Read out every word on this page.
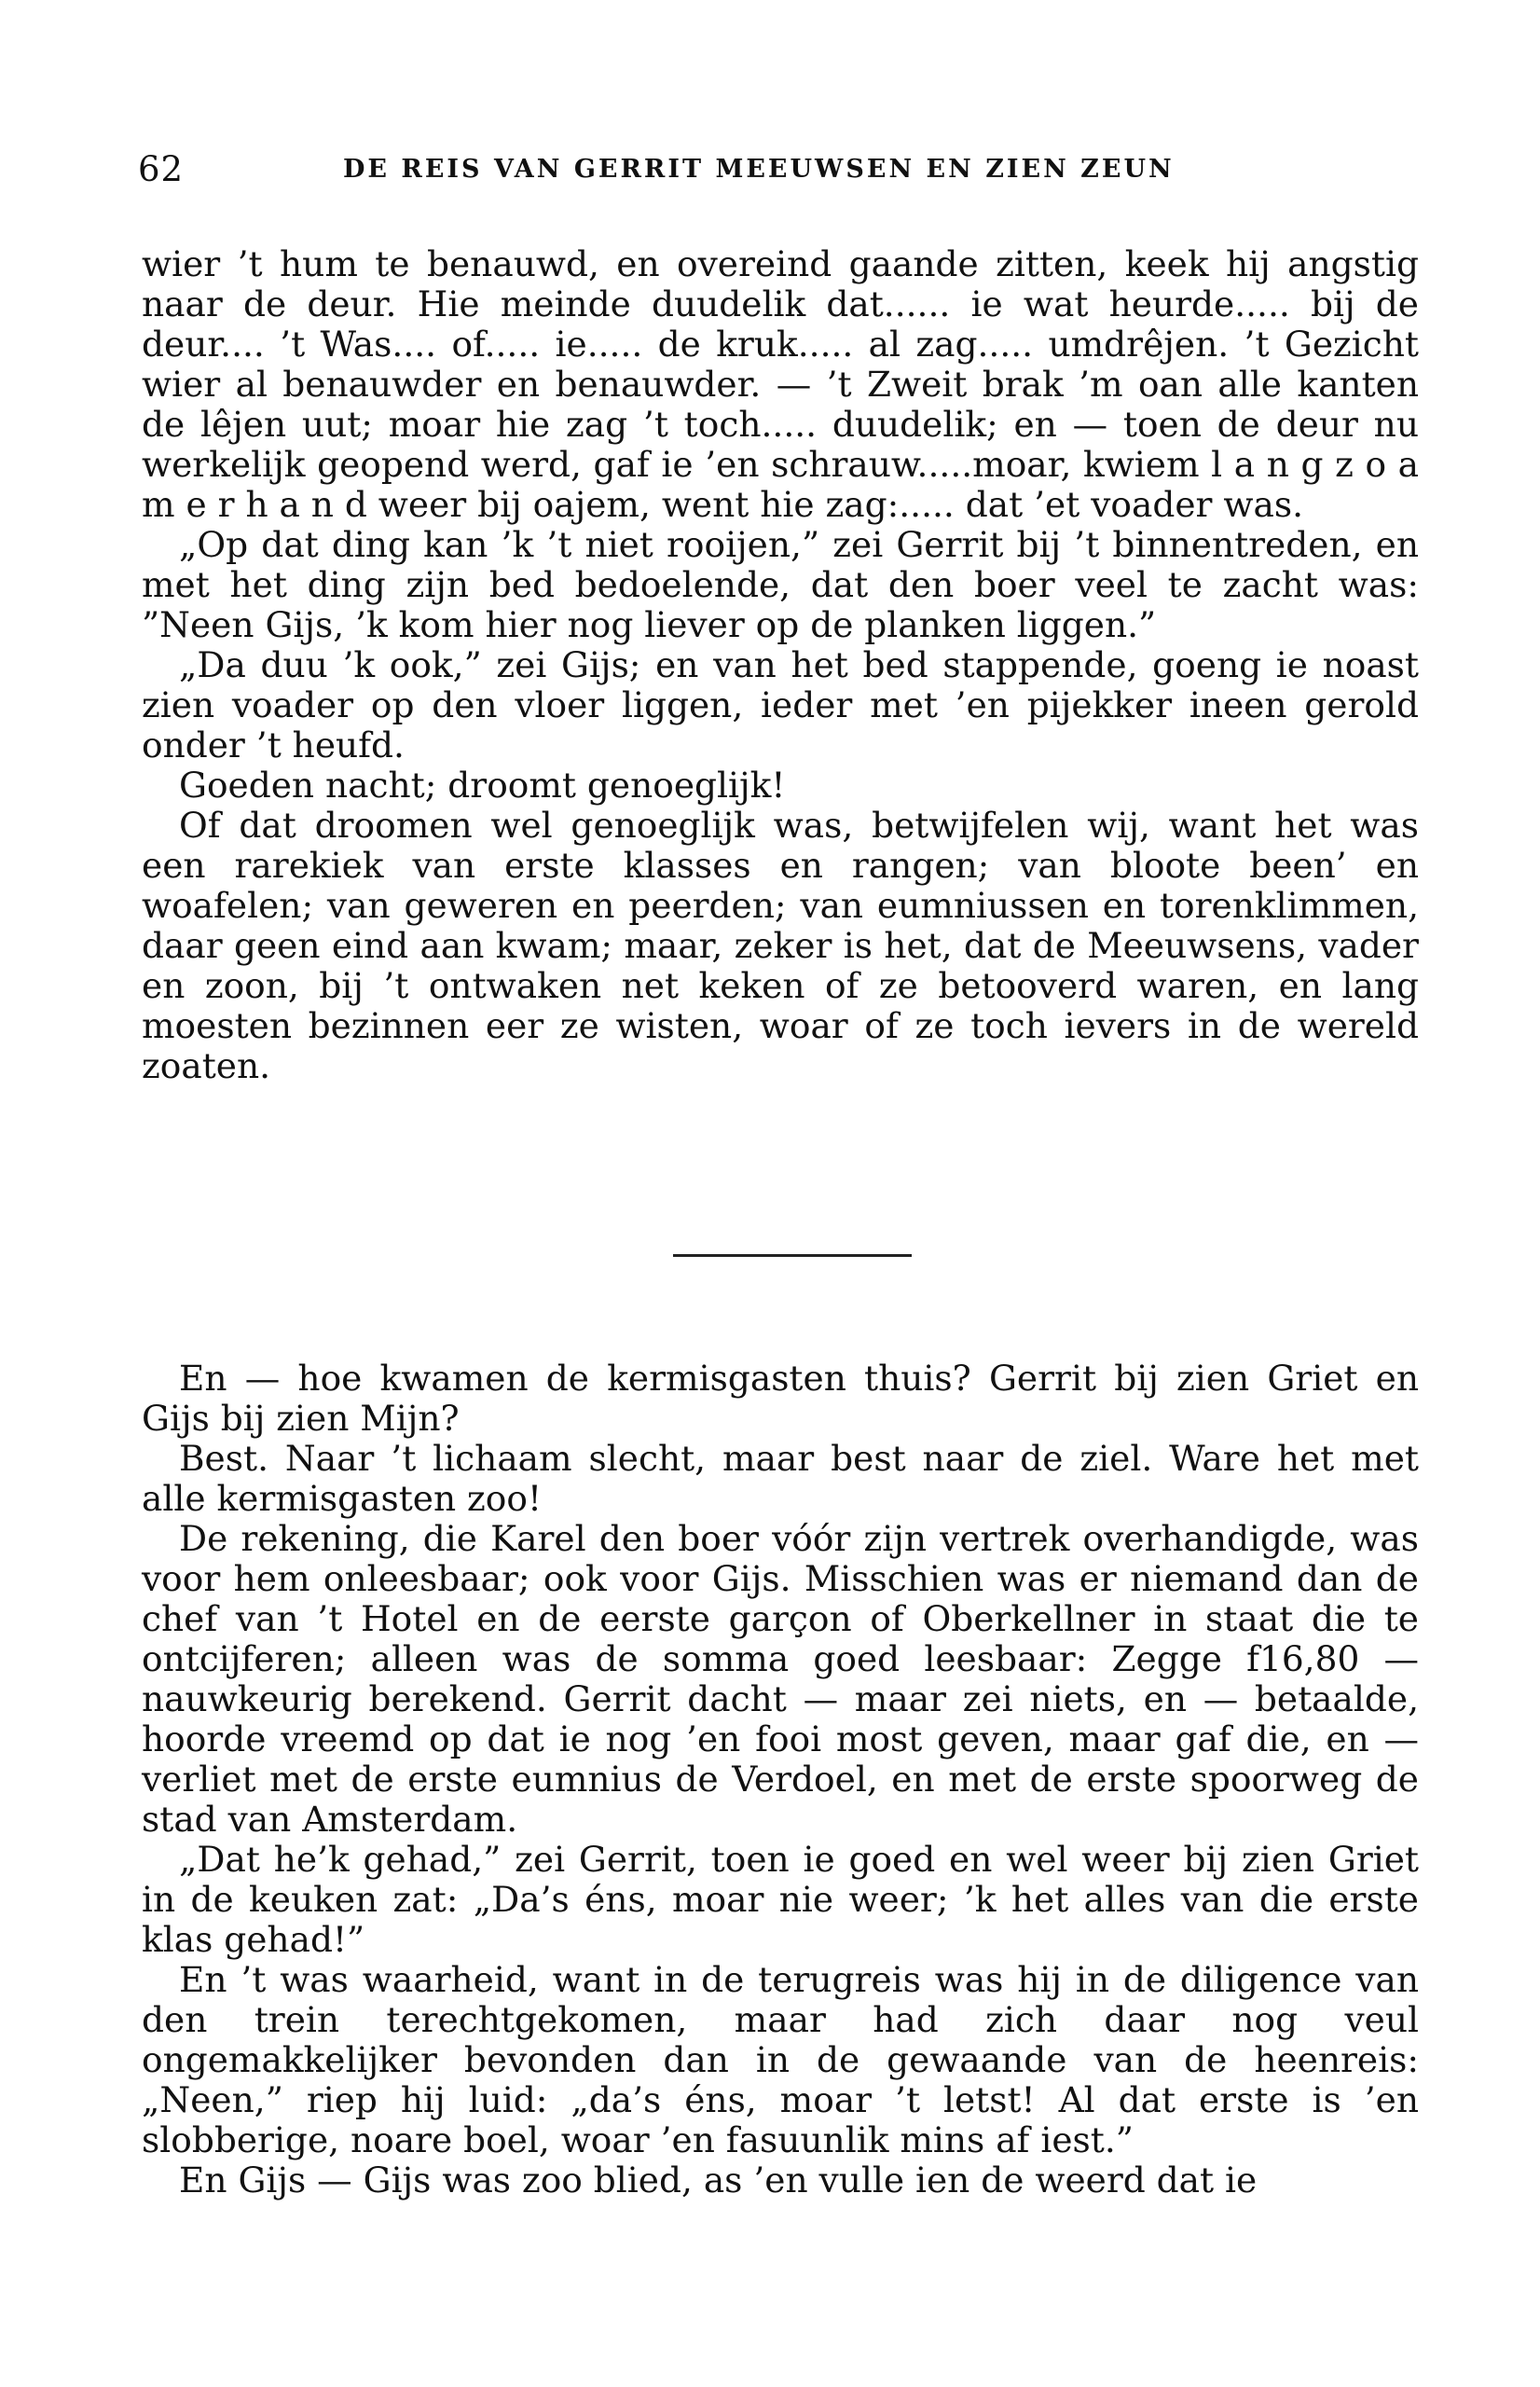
62	DE REIS VAN GERRIT MEEUWSEN EN ZIEN ZEUN

wier ’t hum te benauwd, en overeind gaande zitten, keek hij angstig naar de deur. Hie meinde duudelik dat...... ie wat heurde..... bij de deur.... ’t Was.... of..... ie..... de kruk..... al zag..... umdrêjen. ’t Gezicht wier al benauwder en benauwder. — ’t Zweit brak ’m oan alle kanten de lêjen uut; moar hie zag ’t toch..... duudelik; en — toen de deur nu werkelijk geopend werd, gaf ie ’en schrauw.....moar, kwiem l a n g z o a m e r h a n d weer bij oajem, went hie zag:..... dat ’et voader was.

„Op dat ding kan ’k ’t niet rooijen,” zei Gerrit bij ’t binnentreden, en met het ding zijn bed bedoelende, dat den boer veel te zacht was: ”Neen Gijs, ’k kom hier nog liever op de planken liggen.”

„Da duu ’k ook,” zei Gijs; en van het bed stappende, goeng ie noast zien voader op den vloer liggen, ieder met ’en pijekker ineen gerold onder ’t heufd.

Goeden nacht; droomt genoeglijk!

Of dat droomen wel genoeglijk was, betwijfelen wij, want het was een rarekiek van erste klasses en rangen; van bloote been’ en woafelen; van geweren en peerden; van eumniussen en torenklimmen, daar geen eind aan kwam; maar, zeker is het, dat de Meeuwsens, vader en zoon, bij ’t ontwaken net keken of ze betooverd waren, en lang moesten bezinnen eer ze wisten, woar of ze toch ievers in de wereld zoaten.

En — hoe kwamen de kermisgasten thuis? Gerrit bij zien Griet en Gijs bij zien Mijn?

Best. Naar ’t lichaam slecht, maar best naar de ziel. Ware het met alle kermisgasten zoo!

De rekening, die Karel den boer vóór zijn vertrek overhandigde, was voor hem onleesbaar; ook voor Gijs. Misschien was er niemand dan de chef van ’t Hotel en de eerste garçon of Oberkellner in staat die te ontcijferen; alleen was de somma goed leesbaar: Zegge f16,80 — nauwkeurig berekend. Gerrit dacht — maar zei niets, en — betaalde, hoorde vreemd op dat ie nog ’en fooi most geven, maar gaf die, en — verliet met de erste eumnius de Verdoel, en met de erste spoorweg de stad van Amsterdam.

„Dat he’k gehad,” zei Gerrit, toen ie goed en wel weer bij zien Griet in de keuken zat: „Da’s éns, moar nie weer; ’k het alles van die erste klas gehad!”

En ’t was waarheid, want in de terugreis was hij in de diligence van den trein terechtgekomen, maar had zich daar nog veul ongemakkelijker bevonden dan in de gewaande van de heenreis: „Neen,” riep hij luid: „da’s éns, moar ’t letst! Al dat erste is ’en slobberige, noare boel, woar ’en fasuunlik mins af iest.”

En Gijs — Gijs was zoo blied, as ’en vulle ien de weerd dat ie
